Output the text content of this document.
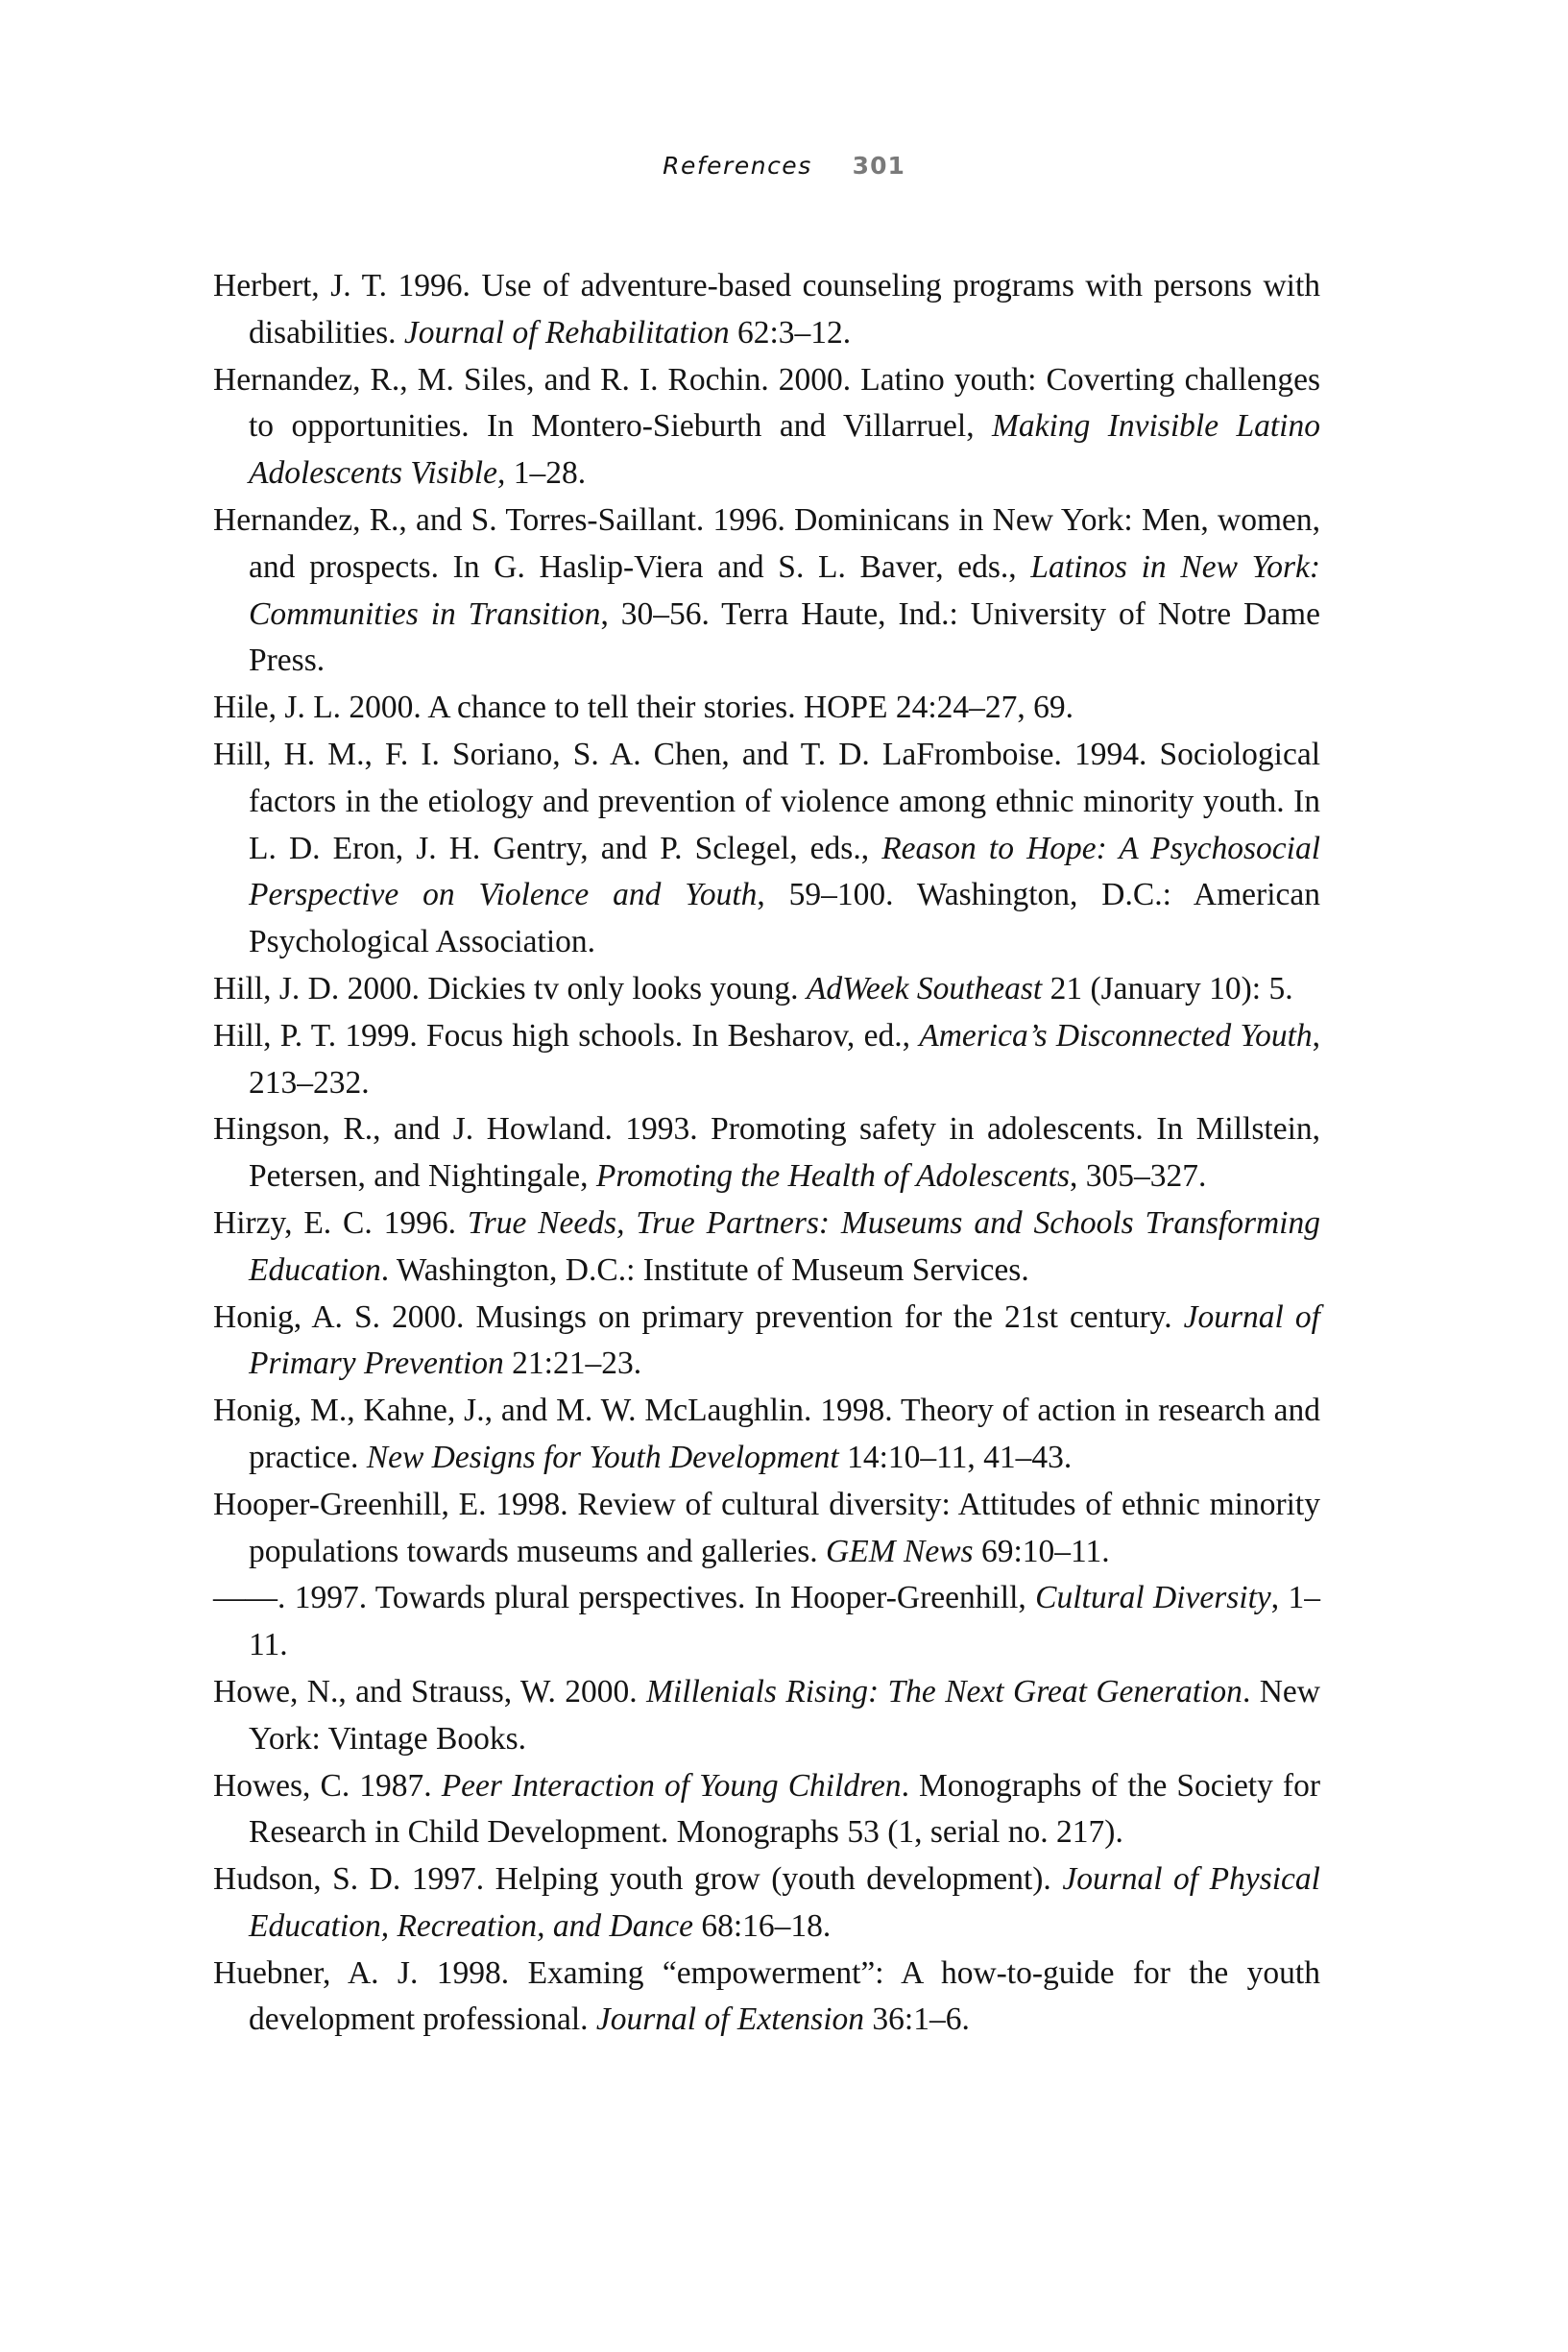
References 301

Herbert, J. T. 1996. Use of adventure-based counseling programs with persons with disabilities. Journal of Rehabilitation 62:3–12.

Hernandez, R., M. Siles, and R. I. Rochin. 2000. Latino youth: Coverting challenges to opportunities. In Montero-Sieburth and Villarruel, Making Invisible Latino Adolescents Visible, 1–28.

Hernandez, R., and S. Torres-Saillant. 1996. Dominicans in New York: Men, women, and prospects. In G. Haslip-Viera and S. L. Baver, eds., Latinos in New York: Communities in Transition, 30–56. Terra Haute, Ind.: University of Notre Dame Press.

Hile, J. L. 2000. A chance to tell their stories. HOPE 24:24–27, 69.

Hill, H. M., F. I. Soriano, S. A. Chen, and T. D. LaFromboise. 1994. Sociological factors in the etiology and prevention of violence among ethnic minority youth. In L. D. Eron, J. H. Gentry, and P. Sclegel, eds., Reason to Hope: A Psychosocial Perspective on Violence and Youth, 59–100. Washington, D.C.: American Psychological Association.

Hill, J. D. 2000. Dickies tv only looks young. AdWeek Southeast 21 (January 10): 5.

Hill, P. T. 1999. Focus high schools. In Besharov, ed., America’s Disconnected Youth, 213–232.

Hingson, R., and J. Howland. 1993. Promoting safety in adolescents. In Millstein, Petersen, and Nightingale, Promoting the Health of Adolescents, 305–327.

Hirzy, E. C. 1996. True Needs, True Partners: Museums and Schools Transforming Education. Washington, D.C.: Institute of Museum Services.

Honig, A. S. 2000. Musings on primary prevention for the 21st century. Journal of Primary Prevention 21:21–23.

Honig, M., Kahne, J., and M. W. McLaughlin. 1998. Theory of action in research and practice. New Designs for Youth Development 14:10–11, 41–43.

Hooper-Greenhill, E. 1998. Review of cultural diversity: Attitudes of ethnic minority populations towards museums and galleries. GEM News 69:10–11.

——. 1997. Towards plural perspectives. In Hooper-Greenhill, Cultural Diversity, 1–11.

Howe, N., and Strauss, W. 2000. Millenials Rising: The Next Great Generation. New York: Vintage Books.

Howes, C. 1987. Peer Interaction of Young Children. Monographs of the Society for Research in Child Development. Monographs 53 (1, serial no. 217).

Hudson, S. D. 1997. Helping youth grow (youth development). Journal of Physical Education, Recreation, and Dance 68:16–18.

Huebner, A. J. 1998. Examing “empowerment”: A how-to-guide for the youth development professional. Journal of Extension 36:1–6.
